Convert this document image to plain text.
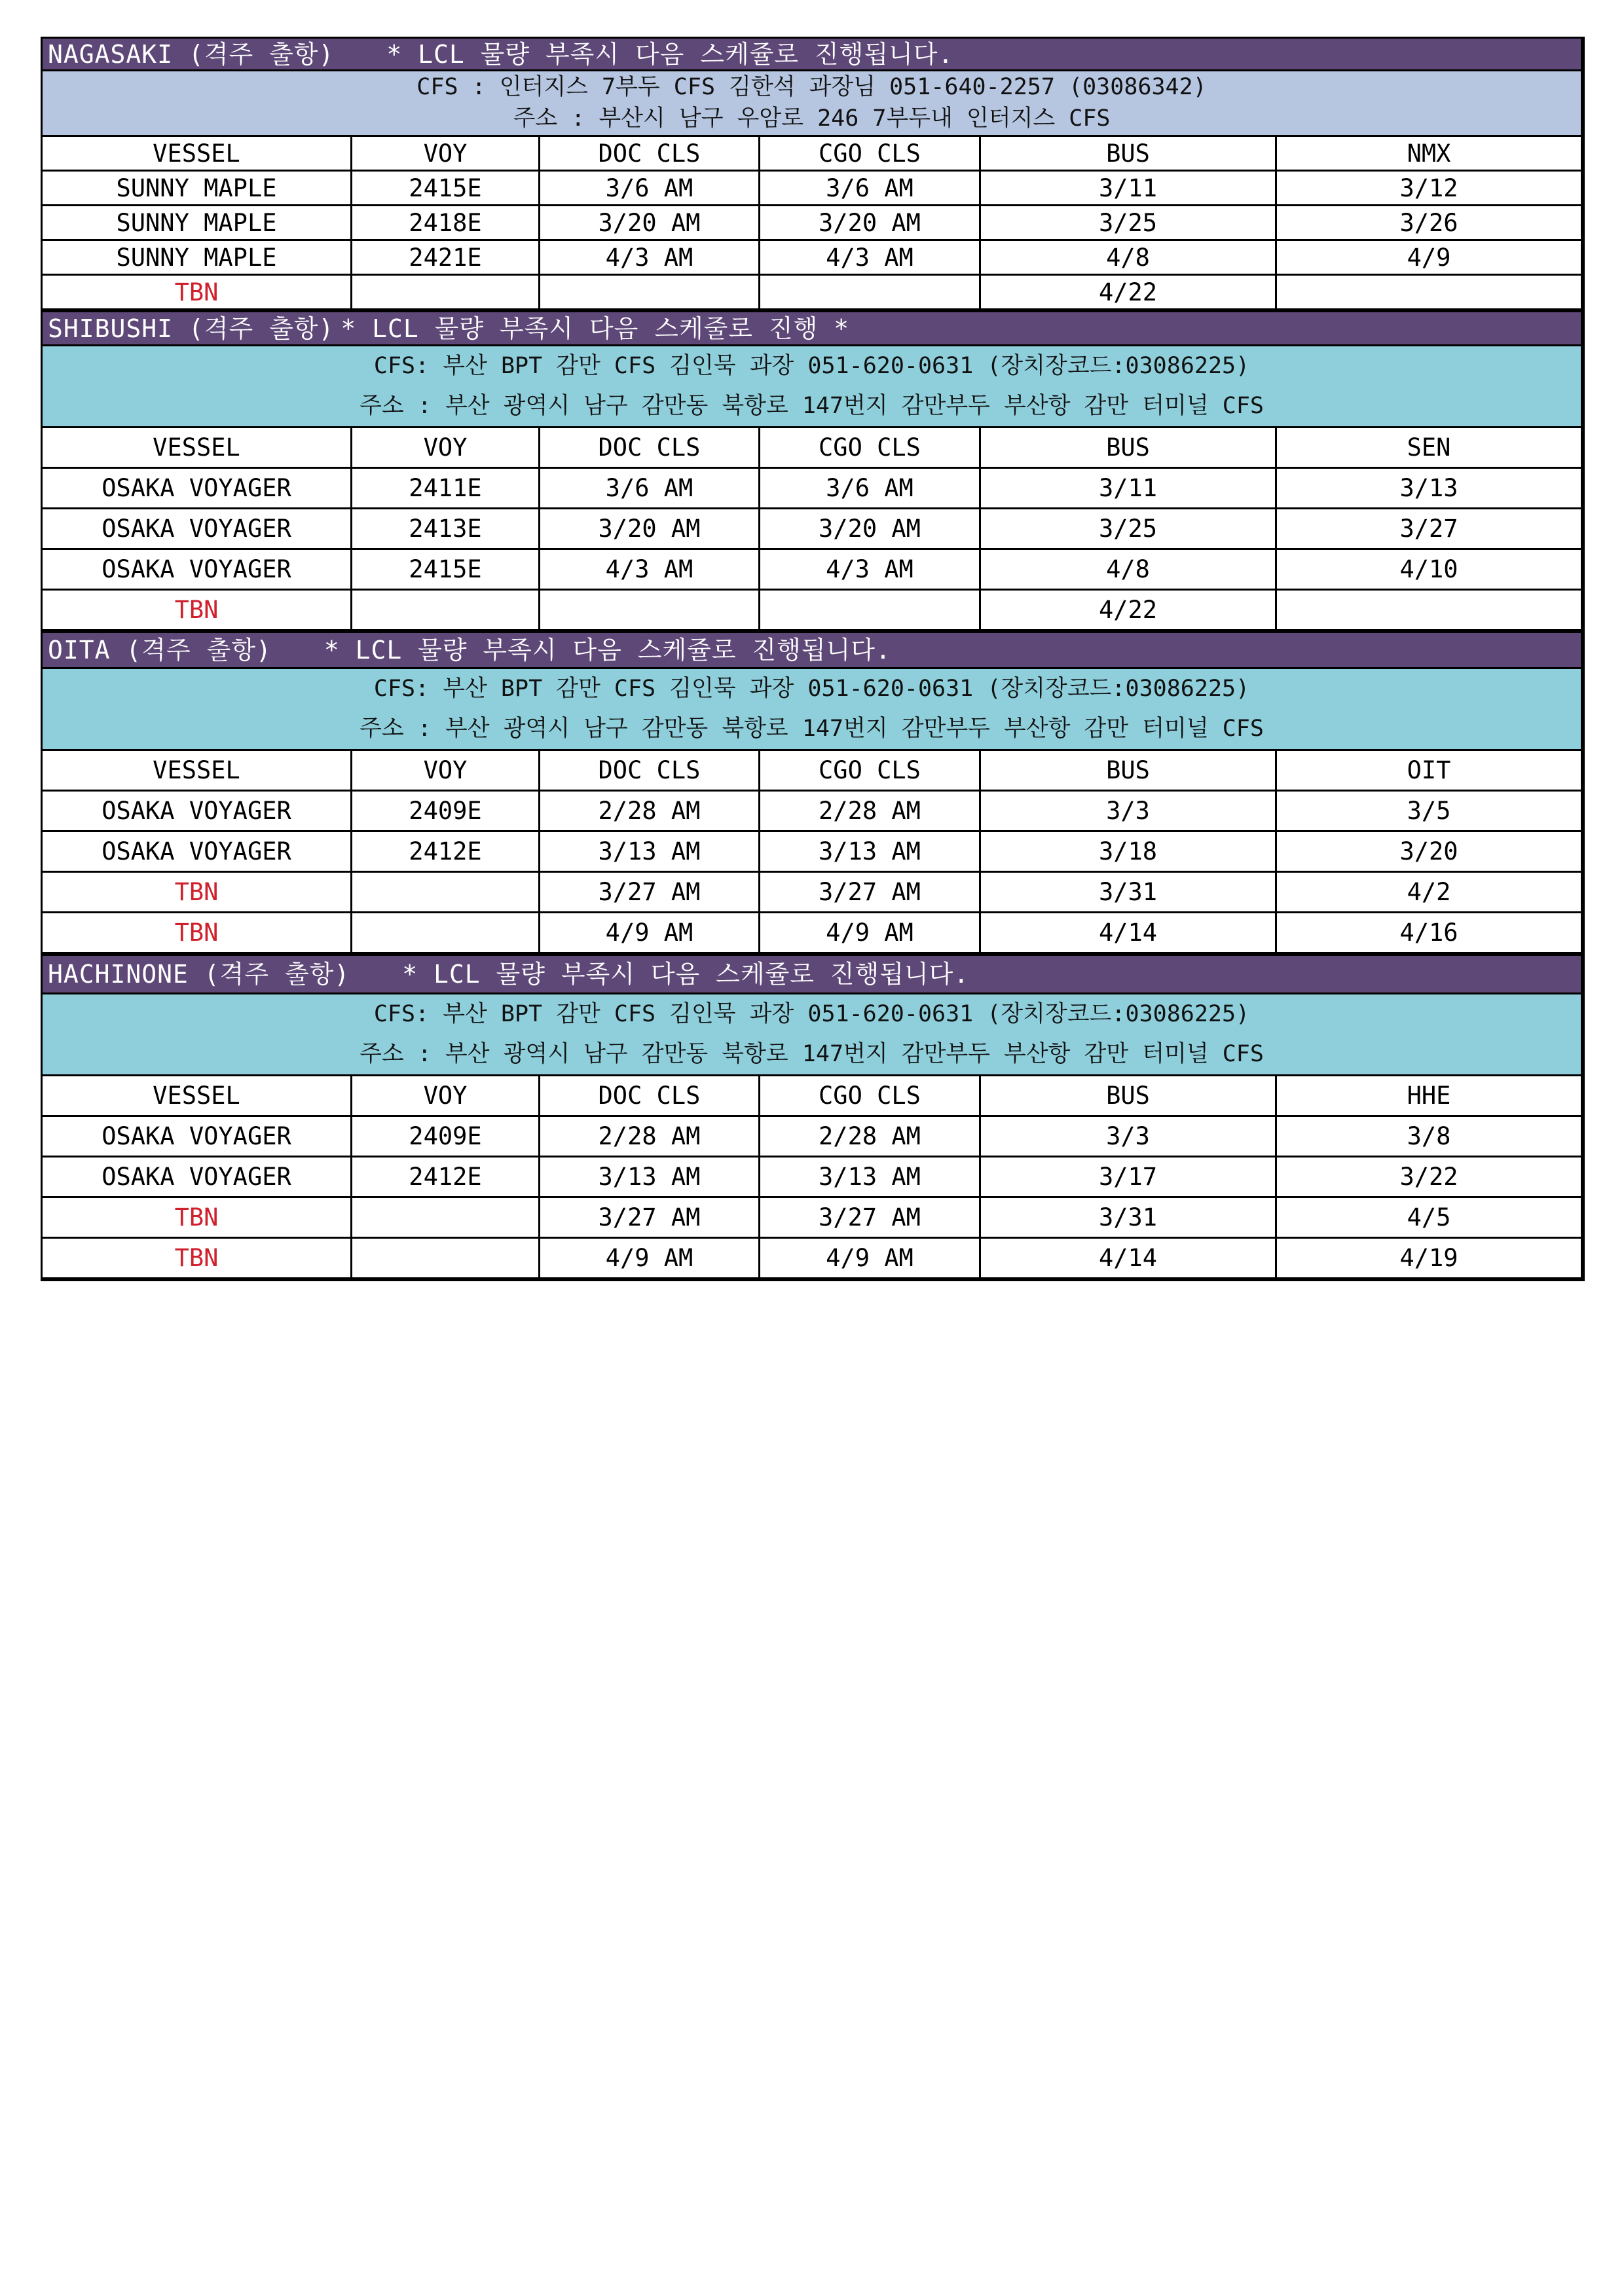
NAGASAKI (격주 출항) * LCL 물량 부족시 다음 스케쥴로 진행됩니다.					
CFS : 인터지스 7부두 CFS 김한석 과장님 051-640-2257 (03086342)					
주소 : 부산시 남구 우암로 246 7부두내 인터지스 CFS					
VESSEL	VOY	DOC CLS	CGO CLS	BUS	NMX
SUNNY MAPLE	2415E	3/6 AM	3/6 AM	3/11	3/12
SUNNY MAPLE	2418E	3/20 AM	3/20 AM	3/25	3/26
SUNNY MAPLE	2421E	4/3 AM	4/3 AM	4/8	4/9
TBN				4/22	
SHIBUSHI (격주 출항) * LCL 물량 부족시 다음 스케줄로 진행 *					
CFS: 부산 BPT 감만 CFS 김인묵 과장 051-620-0631 (장치장코드:03086225)					
주소 : 부산 광역시 남구 감만동 북항로 147번지 감만부두 부산항 감만 터미널 CFS					
VESSEL	VOY	DOC CLS	CGO CLS	BUS	SEN
OSAKA VOYAGER	2411E	3/6 AM	3/6 AM	3/11	3/13
OSAKA VOYAGER	2413E	3/20 AM	3/20 AM	3/25	3/27
OSAKA VOYAGER	2415E	4/3 AM	4/3 AM	4/8	4/10
TBN				4/22	
OITA (격주 출항) * LCL 물량 부족시 다음 스케쥴로 진행됩니다.					
CFS: 부산 BPT 감만 CFS 김인묵 과장 051-620-0631 (장치장코드:03086225)					
주소 : 부산 광역시 남구 감만동 북항로 147번지 감만부두 부산항 감만 터미널 CFS					
VESSEL	VOY	DOC CLS	CGO CLS	BUS	OIT
OSAKA VOYAGER	2409E	2/28 AM	2/28 AM	3/3	3/5
OSAKA VOYAGER	2412E	3/13 AM	3/13 AM	3/18	3/20
TBN		3/27 AM	3/27 AM	3/31	4/2
TBN		4/9 AM	4/9 AM	4/14	4/16
HACHINONE (격주 출항) * LCL 물량 부족시 다음 스케쥴로 진행됩니다.					
CFS: 부산 BPT 감만 CFS 김인묵 과장 051-620-0631 (장치장코드:03086225)					
주소 : 부산 광역시 남구 감만동 북항로 147번지 감만부두 부산항 감만 터미널 CFS					
VESSEL	VOY	DOC CLS	CGO CLS	BUS	HHE
OSAKA VOYAGER	2409E	2/28 AM	2/28 AM	3/3	3/8
OSAKA VOYAGER	2412E	3/13 AM	3/13 AM	3/17	3/22
TBN		3/27 AM	3/27 AM	3/31	4/5
TBN		4/9 AM	4/9 AM	4/14	4/19
